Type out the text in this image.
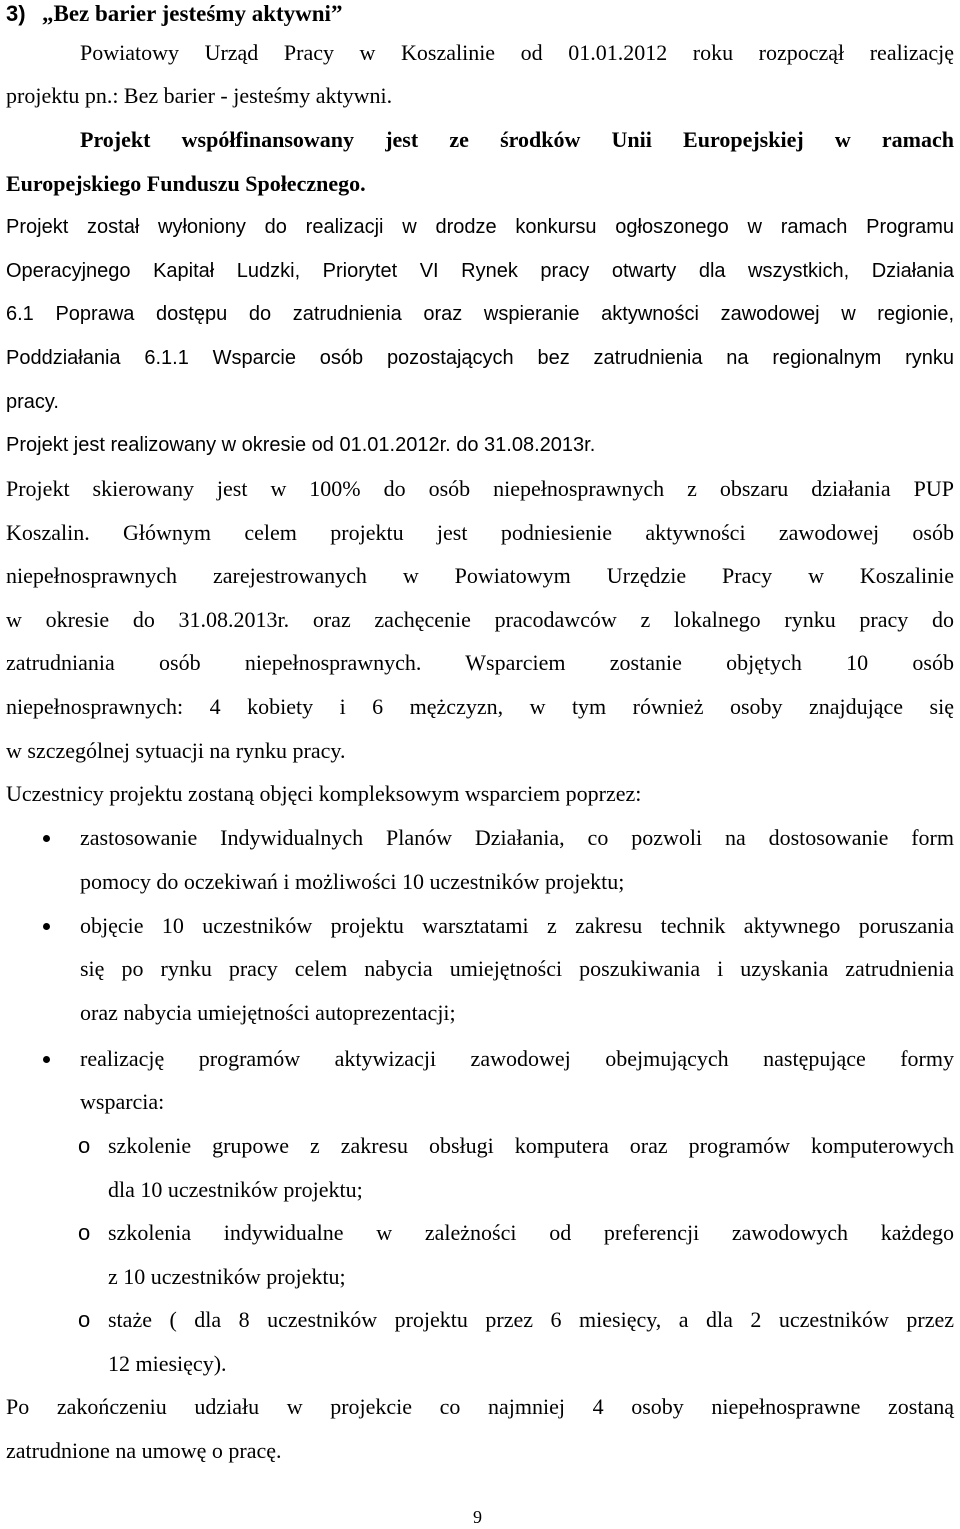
3) „Bez barier jesteśmy aktywni”
Powiatowy Urząd Pracy w Koszalinie od 01.01.2012 roku rozpoczął realizację
projektu pn.: Bez barier - jesteśmy aktywni.
Projekt współfinansowany jest ze środków Unii Europejskiej w ramach
Europejskiego Funduszu Społecznego.
Projekt został wyłoniony do realizacji w drodze konkursu ogłoszonego w ramach Programu
Operacyjnego Kapitał Ludzki, Priorytet VI Rynek pracy otwarty dla wszystkich, Działania
6.1 Poprawa dostępu do zatrudnienia oraz wspieranie aktywności zawodowej w regionie,
Poddziałania 6.1.1 Wsparcie osób pozostających bez zatrudnienia na regionalnym rynku
pracy.
Projekt jest realizowany w okresie od 01.01.2012r. do 31.08.2013r.
Projekt skierowany jest w 100% do osób niepełnosprawnych z obszaru działania PUP
Koszalin. Głównym celem projektu jest podniesienie aktywności zawodowej osób
niepełnosprawnych zarejestrowanych w Powiatowym Urzędzie Pracy w Koszalinie
w okresie do 31.08.2013r. oraz zachęcenie pracodawców z lokalnego rynku pracy do
zatrudniania osób niepełnosprawnych. Wsparciem zostanie objętych 10 osób
niepełnosprawnych: 4 kobiety i 6 mężczyzn, w tym również osoby znajdujące się
w szczególnej sytuacji na rynku pracy.
Uczestnicy projektu zostaną objęci kompleksowym wsparciem poprzez:
zastosowanie Indywidualnych Planów Działania, co pozwoli na dostosowanie form
pomocy do oczekiwań i możliwości 10 uczestników projektu;
objęcie 10 uczestników projektu warsztatami z zakresu technik aktywnego poruszania
się po rynku pracy celem nabycia umiejętności poszukiwania i uzyskania zatrudnienia
oraz nabycia umiejętności autoprezentacji;
realizację programów aktywizacji zawodowej obejmujących następujące formy
wsparcia:
o szkolenie grupowe z zakresu obsługi komputera oraz programów komputerowych
dla 10 uczestników projektu;
o szkolenia indywidualne w zależności od preferencji zawodowych każdego
z 10 uczestników projektu;
o staże ( dla 8 uczestników projektu przez 6 miesięcy, a dla 2 uczestników przez
12 miesięcy).
Po zakończeniu udziału w projekcie co najmniej 4 osoby niepełnosprawne zostaną
zatrudnione na umowę o pracę.
9
